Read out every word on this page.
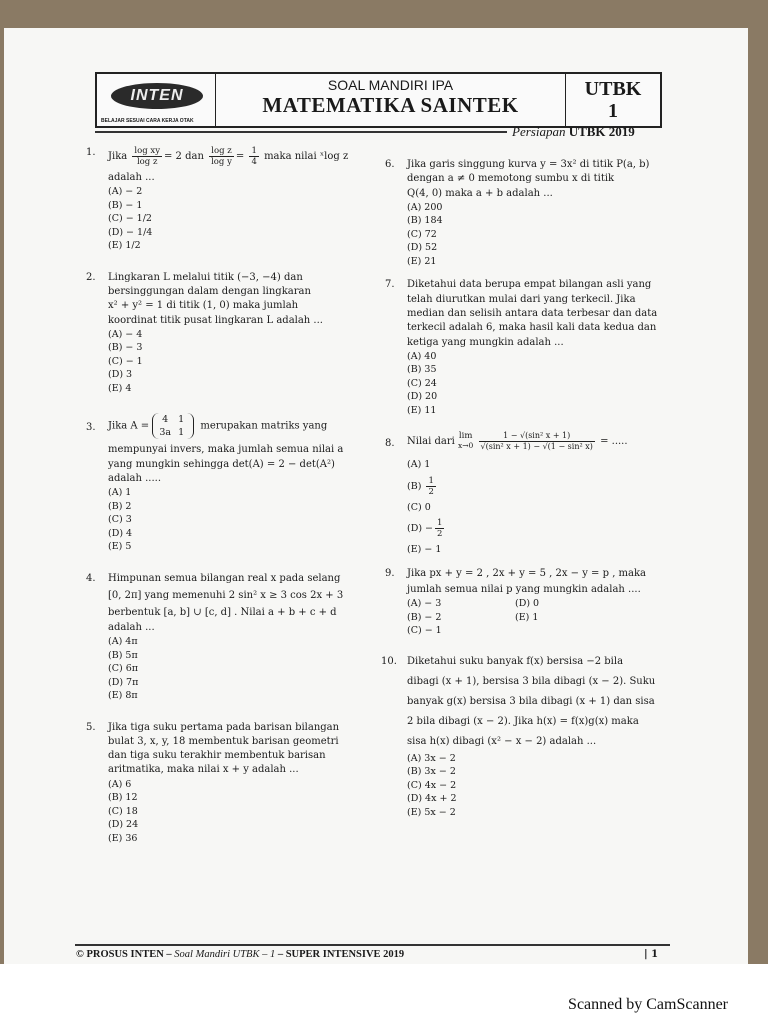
INTEN
BELAJAR SESUAI CARA KERJA OTAK
SOAL MANDIRI IPA
MATEMATIKA SAINTEK
UTBK
1
Persiapan UTBK 2019
1. Jika $\frac{\text{log xy}}{\text{log z}} = 2$ dan $\frac{\text{log z}}{\text{log y}} = \frac{1}{4}$ maka nilai ˣlog z
adalah ...
(A) − 2
(B) − 1
(C) − 1/2
(D) − 1/4
(E) 1/2
2. Lingkaran L melalui titik (−3, −4) dan
bersinggungan dalam dengan lingkaran
x² + y² = 1 di titik (1, 0) maka jumlah
koordinat titik pusat lingkaran L adalah ...
(A) − 4
(B) − 3
(C) − 1
(D) 3
(E) 4
3. Jika A =4 1
3a 1 merupakan matriks yang
mempunyai invers, maka jumlah semua nilai a
yang mungkin sehingga det(A) = 2 − det(A²)
adalah .....
(A) 1
(B) 2
(C) 3
(D) 4
(E) 5
4. Himpunan semua bilangan real x pada selang
[0, 2π] yang memenuhi 2 sin² x ≥ 3 cos 2x + 3
berbentuk [a, b] ∪ [c, d] . Nilai a + b + c + d
adalah ...
(A) 4π
(B) 5π
(C) 6π
(D) 7π
(E) 8π
5. Jika tiga suku pertama pada barisan bilangan
bulat 3, x, y, 18 membentuk barisan geometri
dan tiga suku terakhir membentuk barisan
aritmatika, maka nilai x + y adalah ...
(A) 6
(B) 12
(C) 18
(D) 24
(E) 36
6. Jika garis singgung kurva y = 3x² di titik P(a, b)
dengan a ≠ 0 memotong sumbu x di titik
Q(4, 0) maka a + b adalah ...
(A) 200
(B) 184
(C) 72
(D) 52
(E) 21
7. Diketahui data berupa empat bilangan asli yang
telah diurutkan mulai dari yang terkecil. Jika
median dan selisih antara data terbesar dan data
terkecil adalah 6, maka hasil kali data kedua dan
ketiga yang mungkin adalah ...
(A) 40
(B) 35
(C) 24
(D) 20
(E) 11
8. Nilai dari lim
$x\to 0 \frac{\text{1 − √(sin² x + 1)}}{\text{√(sin² x + 1) − √(1 − sin² x)}}$ = .....
(A) 1
$(B) \frac{1}{2}$
(C) 0
$(D) - \frac{1}{2}$
(E) − 1
9. Jika px + y = 2 , 2x + y = 5 , 2x − y = p , maka
jumlah semua nilai p yang mungkin adalah ....
(A) − 3	(D) 0
(B) − 2	(E) 1
(C) − 1
10. Diketahui suku banyak f(x) bersisa −2 bila
dibagi (x + 1), bersisa 3 bila dibagi (x − 2). Suku
banyak g(x) bersisa 3 bila dibagi (x + 1) dan sisa
2 bila dibagi (x − 2). Jika h(x) = f(x)g(x) maka
sisa h(x) dibagi (x² − x − 2) adalah ...
(A) 3x − 2
(B) 3x − 2
(C) 4x − 2
(D) 4x + 2
(E) 5x − 2
© PROSUS INTEN – Soal Mandiri UTBK – 1 – SUPER INTENSIVE 2019	| 1
Scanned by CamScanner
